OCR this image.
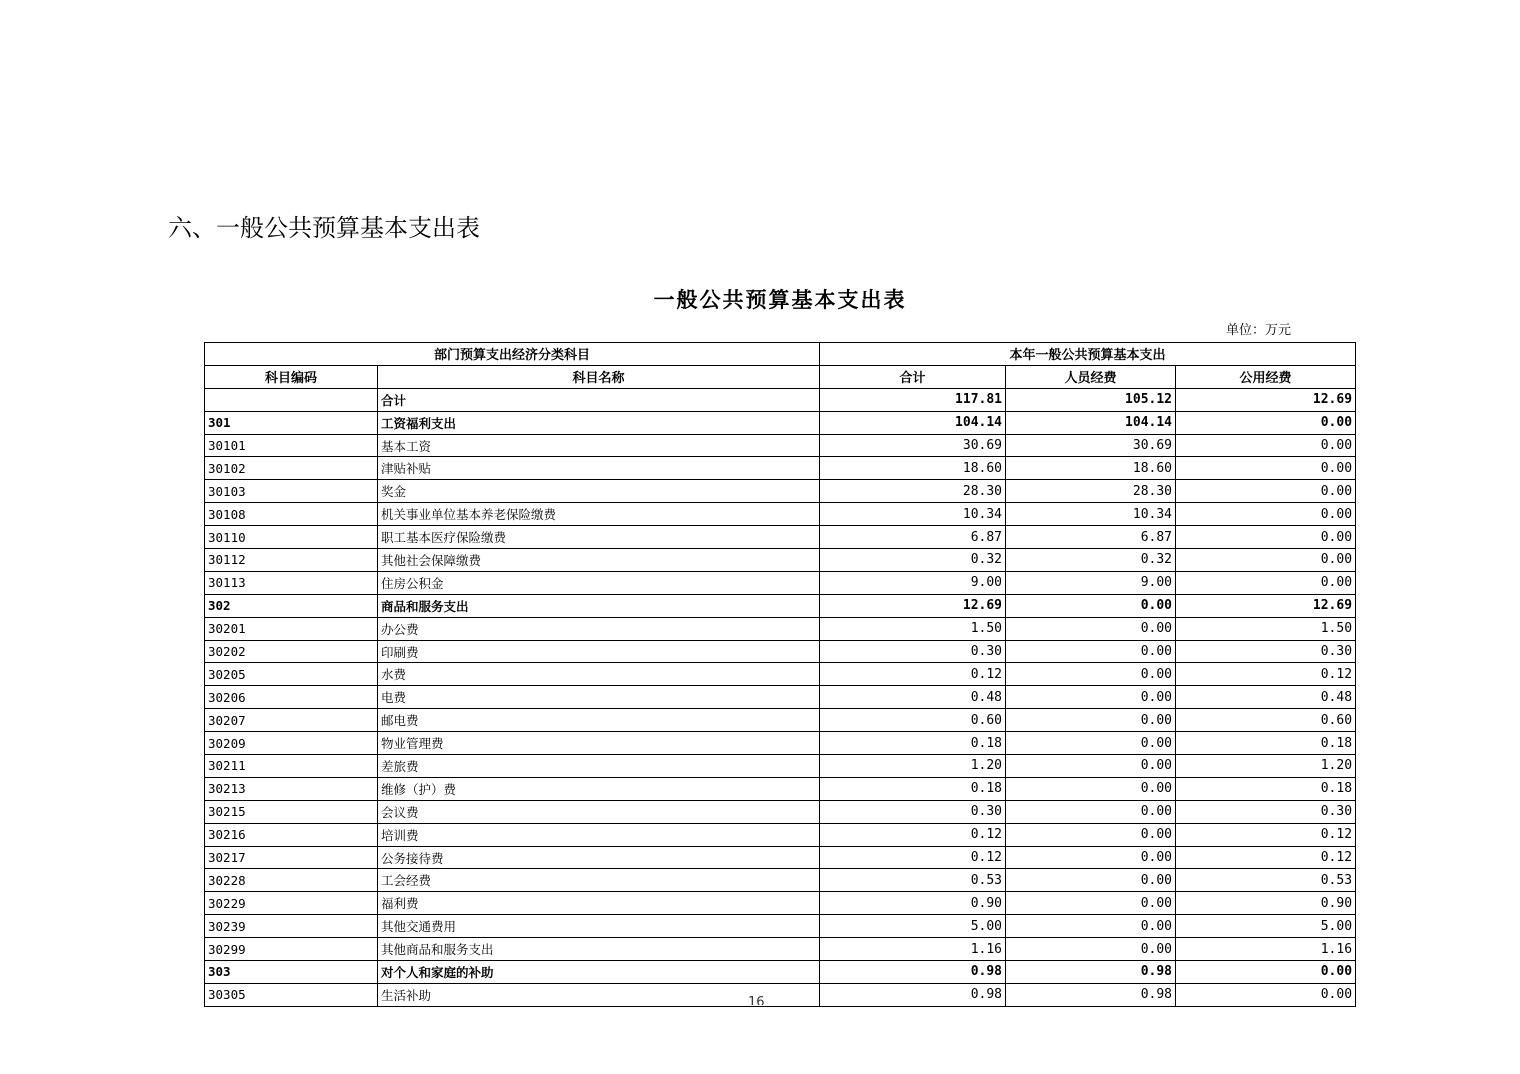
六、一般公共预算基本支出表
一般公共预算基本支出表
单位：万元
部门预算支出经济分类科目		本年一般公共预算基本支出		
科目编码	科目名称	合计	人员经费	公用经费
	合计	117.81	105.12	12.69
301	工资福利支出	104.14	104.14	0.00
30101	基本工资	30.69	30.69	0.00
30102	津贴补贴	18.60	18.60	0.00
30103	奖金	28.30	28.30	0.00
30108	机关事业单位基本养老保险缴费	10.34	10.34	0.00
30110	职工基本医疗保险缴费	6.87	6.87	0.00
30112	其他社会保障缴费	0.32	0.32	0.00
30113	住房公积金	9.00	9.00	0.00
302	商品和服务支出	12.69	0.00	12.69
30201	办公费	1.50	0.00	1.50
30202	印刷费	0.30	0.00	0.30
30205	水费	0.12	0.00	0.12
30206	电费	0.48	0.00	0.48
30207	邮电费	0.60	0.00	0.60
30209	物业管理费	0.18	0.00	0.18
30211	差旅费	1.20	0.00	1.20
30213	维修（护）费	0.18	0.00	0.18
30215	会议费	0.30	0.00	0.30
30216	培训费	0.12	0.00	0.12
30217	公务接待费	0.12	0.00	0.12
30228	工会经费	0.53	0.00	0.53
30229	福利费	0.90	0.00	0.90
30239	其他交通费用	5.00	0.00	5.00
30299	其他商品和服务支出	1.16	0.00	1.16
303	对个人和家庭的补助	0.98	0.98	0.00
30305	生活补助	0.98	0.98	0.00
16
